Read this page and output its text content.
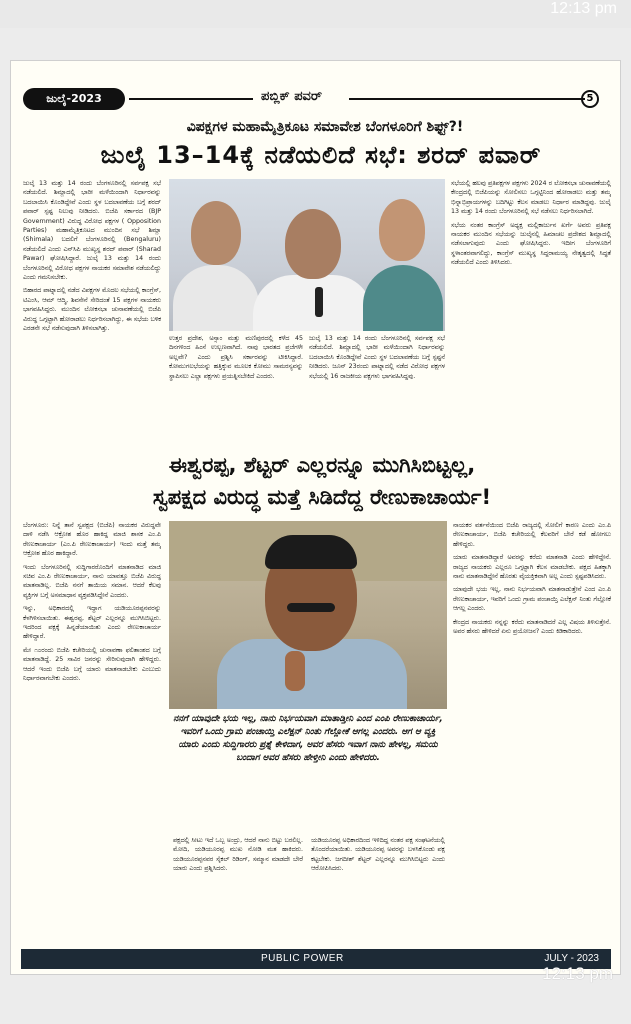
12:13 pm
ಜುಲೈ-2023	ಪಬ್ಲಿಕ್ ಪವರ್	5
ವಿಪಕ್ಷಗಳ ಮಹಾಮೈತ್ರಿಕೂಟ ಸಮಾವೇಶ ಬೆಂಗಳೂರಿಗೆ ಶಿಫ್ಟ್?!
ಜುಲೈ 13–14ಕ್ಕೆ ನಡೆಯಲಿದೆ ಸಭೆ: ಶರದ್ ಪವಾರ್

ಜುಲೈ 13 ಮತ್ತು 14 ರಂದು ಬೆಂಗಳೂರಿನಲ್ಲಿ ಸರ್ವಪಕ್ಷ ಸಭೆ ನಡೆಯಲಿದೆ. ಶಿಮ್ಲಾದಲ್ಲಿ ಭಾರೀ ಮಳೆಯಿಂದಾಗಿ ನಿರ್ಧಾರವನ್ನು ಬದಲಾಯಿಸಿ ಕೊಂಡಿದ್ದೇವೆ ಎಂದು ಸ್ಥಳ ಬದಲಾವಣೆಯ ಬಗ್ಗೆ ಶರದ್ ಪವಾರ್ ಸ್ಪಷ್ಟ ನಿಲುವು ನೀಡಿದರು. ಬಿಜೆಪಿ ಸರ್ಕಾರದ (BJP Government) ವಿರುದ್ಧ ವಿರೋಧ ಪಕ್ಷಗಳ ( Opposition Parties) ಮಹಾಮೈತ್ರಿಕೂಟದ ಮುಂದಿನ ಸಭೆ ಶಿಮ್ಲಾ (Shimala) ಬದಲಿಗೆ ಬೆಂಗಳೂರಿನಲ್ಲಿ (Bengaluru) ನಡೆಯಲಿದೆ ಎಂದು ಎನ್‌ಸಿಪಿ ಮುಖ್ಯಸ್ಥ ಶರದ್ ಪವಾರ್ (Sharad Pawar) ಘೋಷಿಸಿದ್ದಾರೆ. ಜುಲೈ 13 ಮತ್ತು 14 ರಂದು ಬೆಂಗಳೂರಿನಲ್ಲಿ ವಿರೋಧ ಪಕ್ಷಗಳ ನಾಯಕರ ಸಮಾವೇಶ ನಡೆಯಲಿದ್ದು ಎಂದು ಗಮನಿಸಬೇಕು.

ಬಿಹಾರದ ಪಾಟ್ನಾದಲ್ಲಿ ನಡೆದ ವಿಪಕ್ಷಗಳ ಮೊದಲ ಸಭೆಯಲ್ಲಿ ಕಾಂಗ್ರೆಸ್, ಟಿಎಂಸಿ, ಆಮ್ ಆದ್ಮಿ, ಶಿವಸೇನೆ ಸೇರಿದಂತೆ 15 ಪಕ್ಷಗಳ ನಾಯಕರು ಭಾಗವಹಿಸಿದ್ದರು. ಮುಂದಿನ ಲೋಕಸಭಾ ಚುನಾವಣೆಯಲ್ಲಿ ಬಿಜೆಪಿ ವಿರುದ್ಧ ಒಗ್ಗಟ್ಟಾಗಿ ಹೋರಾಡಲು ನಿರ್ಧರಿಸಲಾಗಿದ್ದು, ಈ ಸಭೆಯ ಬಳಿಕ ಎರಡನೇ ಸಭೆ ನಡೆಸುವುದಾಗಿ ತಿಳಿಸಲಾಗಿತ್ತು.

ಉತ್ತರ ಪ್ರದೇಶ, ಅಸ್ಸಾಂ ಮತ್ತು ಮಣಿಪುರದಲ್ಲಿ ಕಳೆದ 45 ದಿನಗಳಿಂದ ಹಿಂಸೆ ಉಲ್ಬಣವಾಗಿದೆ. ನಾವು ಭಾರತದ ಪ್ರಜೆಗಳೇ ಅಲ್ಲವೇ? ಎಂದು ಪ್ರಶ್ನಿಸಿ ಸರ್ಕಾರವನ್ನು ಟೀಕಿಸಿದ್ದಾರೆ. ಕೋಮುಗಲಭೆಯನ್ನು ಹತ್ತಿಕ್ಕುವ ಮೂಲಕ ಕೋಮು ಸಾಮರಸ್ಯವನ್ನು ಸ್ಥಾಪಿಸಲು ಎಲ್ಲಾ ಪಕ್ಷಗಳು ಪ್ರಯತ್ನಿಸಬೇಕಿದೆ ಎಂದರು.

ಜುಲೈ 13 ಮತ್ತು 14 ರಂದು ಬೆಂಗಳೂರಿನಲ್ಲಿ ಸರ್ವಪಕ್ಷ ಸಭೆ ನಡೆಯಲಿದೆ. ಶಿಮ್ಲಾದಲ್ಲಿ ಭಾರೀ ಮಳೆಯಿಂದಾಗಿ ನಿರ್ಧಾರವನ್ನು ಬದಲಾಯಿಸಿ ಕೊಂಡಿದ್ದೇವೆ ಎಂದು ಸ್ಥಳ ಬದಲಾವಣೆಯ ಬಗ್ಗೆ ಸ್ಪಷ್ಟನೆ ನೀಡಿದರು. ಜೂನ್ 23ರಂದು ಪಾಟ್ನಾದಲ್ಲಿ ನಡೆದ ವಿರೋಧ ಪಕ್ಷಗಳ ಸಭೆಯಲ್ಲಿ 16 ರಾಜಕೀಯ ಪಕ್ಷಗಳು ಭಾಗವಹಿಸಿದ್ದವು.

ಸಭೆಯಲ್ಲಿ ಹಲವು ಪ್ರತಿಪಕ್ಷಗಳ ಪಕ್ಷಗಳು 2024 ರ ಲೋಕಸಭಾ ಚುನಾವಣೆಯಲ್ಲಿ ಕೇಂದ್ರದಲ್ಲಿ ಬಿಜೆಪಿಯನ್ನು ಸೋಲಿಸಲು ಒಗ್ಗಟ್ಟಿನಿಂದ ಹೋರಾಡಲು ಮತ್ತು ತಮ್ಮ ಭಿನ್ನಾಭಿಪ್ರಾಯಗಳನ್ನು ಬದಿಗಿಟ್ಟು ಕೆಲಸ ಮಾಡಲು ನಿರ್ಧಾರ ಮಾಡಿದ್ದವು. ಜುಲೈ 13 ಮತ್ತು 14 ರಂದು ಬೆಂಗಳೂರಿನಲ್ಲಿ ಸಭೆ ನಡೆಸಲು ನಿರ್ಧರಿಸಲಾಗಿದೆ.

ಸಭೆಯ ನಂತರ ಕಾಂಗ್ರೆಸ್ ಅಧ್ಯಕ್ಷ ಮಲ್ಲಿಕಾರ್ಜುನ ಖರ್ಗೆ ಅವರು ಪ್ರತಿಪಕ್ಷ ನಾಯಕರ ಮುಂದಿನ ಸಭೆಯನ್ನು ಜುಲೈನಲ್ಲಿ ಹಿಮಾಚಲ ಪ್ರದೇಶದ ಶಿಮ್ಲಾದಲ್ಲಿ ನಡೆಸಲಾಗುವುದು ಎಂದು ಘೋಷಿಸಿದ್ದರು. ಇದೀಗ ಬೆಂಗಳೂರಿಗೆ ಸ್ಥಳಾಂತರವಾಗಲಿದ್ದು, ಕಾಂಗ್ರೆಸ್ ಮುಖ್ಯಸ್ಥ ಸಿದ್ದರಾಮಯ್ಯ ನೇತೃತ್ವದಲ್ಲಿ ಸಿದ್ಧತೆ ನಡೆಯಲಿದೆ ಎಂದು ತಿಳಿಸಿದರು.

ಈಶ್ವರಪ್ಪ, ಶೆಟ್ಟರ್ ಎಲ್ಲರನ್ನೂ ಮುಗಿಸಿಬಿಟ್ಟಲ್ಲ,
ಸ್ವಪಕ್ಷದ ವಿರುದ್ಧ ಮತ್ತೆ ಸಿಡಿದೆದ್ದ ರೇಣುಕಾಚಾರ್ಯ!

ಬೆಂಗಳೂರು: ನಿನ್ನೆ ತಾನೆ ಸ್ವಪಕ್ಷದ (ಬಿಜೆಪಿ) ನಾಯಕರ ವಿರುದ್ಧವೇ ದಾಳಿ ನಡೆಸಿ ಆಕ್ರೋಶ ಹೊರ ಹಾಕಿದ್ದ ಮಾಜಿ ಶಾಸಕ ಎಂ.ಪಿ ರೇಣುಕಾಚಾರ್ಯ (ಎಂ.ಪಿ ರೇಣುಕಾಚಾರ್ಯ) ಇಂದು ಮತ್ತೆ ತಮ್ಮ ಆಕ್ರೋಶ ಹೊರ ಹಾಕಿದ್ದಾರೆ.

ಇಂದು ಬೆಂಗಳೂರಿನಲ್ಲಿ ಸುದ್ದಿಗಾರರೊಂದಿಗೆ ಮಾತನಾಡಿದ ಮಾಜಿ ಸಚಿವ ಎಂ.ಪಿ ರೇಣುಕಾಚಾರ್ಯ, ನಾನು ಯಾವತ್ತೂ ಬಿಜೆಪಿ ವಿರುದ್ಧ ಮಾತನಾಡಿಲ್ಲ. ಬಿಜೆಪಿ ನನಗೆ ತಾಯಿಯ ಸಮಾನ. ಆದರೆ ಕೆಲವು ವ್ಯಕ್ತಿಗಳ ಬಗ್ಗೆ ಅಸಮಾಧಾನ ವ್ಯಕ್ತಪಡಿಸಿದ್ದೇನೆ ಎಂದರು.

ಇನ್ನು, ಅಧಿಕಾರದಲ್ಲಿ ಇದ್ದಾಗ ಯಡಿಯೂರಪ್ಪನವರನ್ನು ಕೆಳಗಿಳಿಸಲಾಯಿತು. ಈಶ್ವರಪ್ಪ, ಶೆಟ್ಟರ್ ಎಲ್ಲರನ್ನೂ ಮುಗಿಸಿಬಿಟ್ಟರು. ಇದರಿಂದ ಪಕ್ಷಕ್ಕೆ ಹಿನ್ನಡೆಯಾಯಿತು ಎಂದು ರೇಣುಕಾಚಾರ್ಯ ಹೇಳಿದ್ದಾರೆ.

ಮೇ ೧೦ರಂದು ಬಿಜೆಪಿ ಕಚೇರಿಯಲ್ಲಿ ಚುನಾವಣಾ ಫಲಿತಾಂಶದ ಬಗ್ಗೆ ಮಾತನಾಡಿದ್ದೆ. 25 ಸಾವಿರ ಜನರನ್ನು ಸೇರಿಸುವುದಾಗಿ ಹೇಳಿದ್ದರು. ಆದರೆ ಇಂದು ಬಿಜೆಪಿ ಬಗ್ಗೆ ಯಾರು ಮಾತನಾಡಬೇಕು ಎಂಬುದು ನಿರ್ಧಾರವಾಗಬೇಕು ಎಂದರು.

ನನಗೆ ಯಾವುದೇ ಭಯ ಇಲ್ಲ, ನಾನು ನಿರ್ಭಯವಾಗಿ ಮಾತಾಡ್ತೀನಿ ಎಂದ ಎಂಪಿ ರೇಣುಕಾಚಾರ್ಯ, ಇವರಿಗೆ ಒಂದು ಗ್ರಾಮ ಪಂಚಾಯ್ತಿ ಎಲೆಕ್ಷನ್ ನಿಂತು ಗೆಲ್ಲೋಕೆ ಆಗಲ್ಲ ಎಂದರು. ಆಗ ಆ ವ್ಯಕ್ತಿ ಯಾರು ಎಂದು ಸುದ್ದಿಗಾರರು ಪ್ರಶ್ನೆ ಕೇಳಿದಾಗ, ಅವರ ಹೆಸರು ಇವಾಗ ನಾನು ಹೇಳಲ್ಲ, ಸಮಯ ಬಂದಾಗ ಅವರ ಹೆಸರು ಹೇಳ್ತೀನಿ ಎಂದು ಹೇಳಿದರು.

ಪಕ್ಷದಲ್ಲಿ ಸೀಟು ಇದೆ ಒಬ್ಬ ಅಂದ್ರು, ಆದರೆ ನಾನು ಬಿಟ್ಟು ಬರಲಿಲ್ಲ. ಮೋದಿ, ಯಡಿಯೂರಪ್ಪ ಮುಖ ನೋಡಿ ಮತ ಹಾಕಿದರು. ಯಡಿಯೂರಪ್ಪನವರ ಸೈಕಲ್ ರಿಡಿಂಗ್, ಸಮ್ಮಾನ ಮಾಡದೇ ಬೇರೆ ಯಾರು ಎಂದು ಪ್ರಶ್ನಿಸಿದರು.

ಯಡಿಯೂರಪ್ಪ ಅಧಿಕಾರದಿಂದ ಇಳಿದಿದ್ದ ನಂತರ ಪಕ್ಷ ಸಂಘಟನೆಯಲ್ಲಿ ತೊಂದರೆಯಾಯಿತು. ಯಡಿಯೂರಪ್ಪ ಅವರನ್ನು ಬಳಸಿಕೊಂಡು ಪಕ್ಷ ಕಟ್ಟಬೇಕು. ಜಗದೀಶ್ ಶೆಟ್ಟರ್ ಎಲ್ಲರನ್ನೂ ಮುಗಿಸಿಬಿಟ್ಟರು ಎಂದು ಆರೋಪಿಸಿದರು.

ನಾಯಕರ ವರ್ತನೆಯಿಂದ ಬಿಜೆಪಿ ರಾಜ್ಯದಲ್ಲಿ ಸೋಲಿಗೆ ಕಾರಣ ಎಂದು ಎಂ.ಪಿ ರೇಣುಕಾಚಾರ್ಯ, ಬಿಜೆಪಿ ಕಚೇರಿಯಲ್ಲಿ ಕೆಲವರಿಗೆ ಬೇರೆ ಕಡೆ ಹೋಗಲು ಹೇಳಿದ್ದರು.

ಯಾರು ಮಾತನಾಡಿದ್ದಾರೆ ಅವರನ್ನು ಕರೆದು ಮಾತನಾಡಿ ಎಂದು ಹೇಳಿದ್ದೇನೆ. ರಾಜ್ಯದ ನಾಯಕರು ಎಲ್ಲರೂ ಒಗ್ಗಟ್ಟಾಗಿ ಕೆಲಸ ಮಾಡಬೇಕು. ಪಕ್ಷದ ಹಿತಕ್ಕಾಗಿ ನಾನು ಮಾತನಾಡಿದ್ದೇನೆ ಹೊರತು ವೈಯಕ್ತಿಕವಾಗಿ ಅಲ್ಲ ಎಂದು ಸ್ಪಷ್ಟಪಡಿಸಿದರು.

ಯಾವುದೇ ಭಯ ಇಲ್ಲ, ನಾನು ನಿರ್ಭಯವಾಗಿ ಮಾತನಾಡುತ್ತೇನೆ ಎಂದ ಎಂ.ಪಿ ರೇಣುಕಾಚಾರ್ಯ, ಇವರಿಗೆ ಒಂದು ಗ್ರಾಮ ಪಂಚಾಯ್ತಿ ಎಲೆಕ್ಷನ್ ನಿಂತು ಗೆಲ್ಲೋಕೆ ಆಗಲ್ಲ ಎಂದರು.

ಕೇಂದ್ರದ ನಾಯಕರು ನನ್ನನ್ನು ಕರೆದು ಮಾತನಾಡಿದರೆ ಎಲ್ಲ ವಿಷಯ ತಿಳಿಸುತ್ತೇನೆ. ಅವರ ಹೆಸರು ಹೇಳಿದರೆ ಏನು ಪ್ರಯೋಜನ? ಎಂದು ಕಿಡಿಕಾರಿದರು.

PUBLIC POWER	JULY - 2023
12:13 pm
